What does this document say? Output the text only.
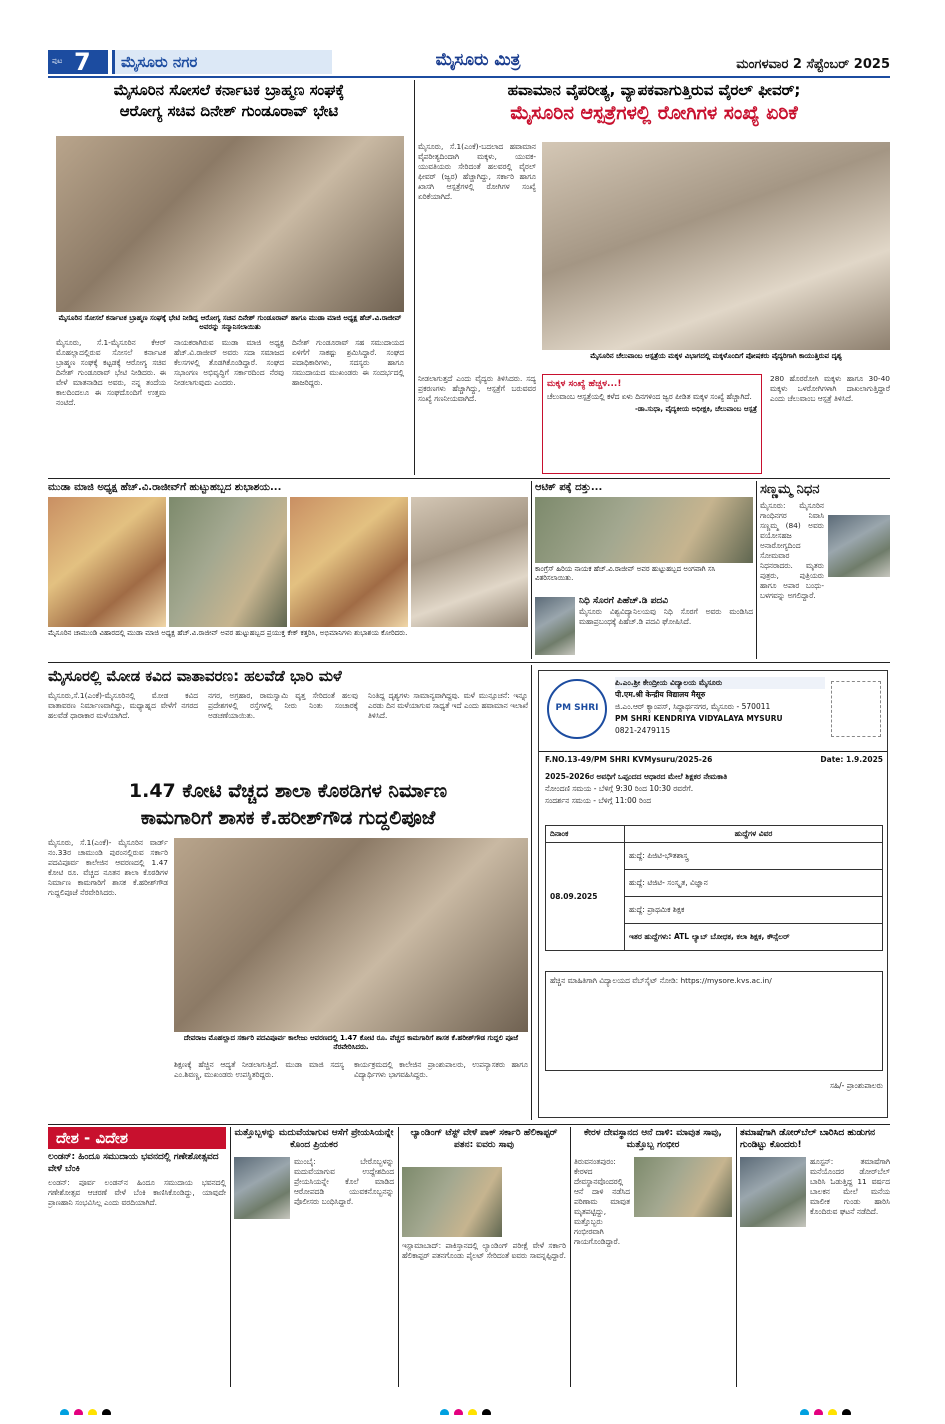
ಪುಟ 7 ಮೈಸೂರು ನಗರ	ಮೈಸೂರು ಮಿತ್ರ	ಮಂಗಳವಾರ 2 ಸೆಪ್ಟೆಂಬರ್ 2025
ಮೈಸೂರಿನ ಸೋಸಲೆ ಕರ್ನಾಟಕ ಬ್ರಾಹ್ಮಣ ಸಂಘಕ್ಕೆ
ಆರೋಗ್ಯ ಸಚಿವ ದಿನೇಶ್ ಗುಂಡೂರಾವ್ ಭೇಟಿ
ಮೈಸೂರಿನ ಸೋಸಲೆ ಕರ್ನಾಟಕ ಬ್ರಾಹ್ಮಣ ಸಂಘಕ್ಕೆ ಭೇಟಿ ನೀಡಿದ್ದ ಆರೋಗ್ಯ ಸಚಿವ ದಿನೇಶ್ ಗುಂಡೂರಾವ್ ಹಾಗೂ ಮುಡಾ ಮಾಜಿ ಅಧ್ಯಕ್ಷ ಹೆಚ್.ವಿ.ರಾಜೀವ್ ಅವರನ್ನು ಸನ್ಮಾನಿಸಲಾಯಿತು
ಮೈಸೂರು, ಸೆ.1-ಮೈಸೂರಿನ ಕೆಆರ್ ಮೊಹಲ್ಲಾದಲ್ಲಿರುವ ಸೋಸಲೆ ಕರ್ನಾಟಕ ಬ್ರಾಹ್ಮಣ ಸಂಘಕ್ಕೆ ಕಟ್ಟಡಕ್ಕೆ ಆರೋಗ್ಯ ಸಚಿವ ದಿನೇಶ್ ಗುಂಡೂರಾವ್ ಭೇಟಿ ನೀಡಿದರು. ಈ ವೇಳೆ ಮಾತನಾಡಿದ ಅವರು, ನನ್ನ ತಂದೆಯ ಕಾಲದಿಂದಲೂ ಈ ಸಂಘದೊಂದಿಗೆ ಉತ್ತಮ ನಂಟಿದೆ.
ನಾಯಕರಾಗಿರುವ ಮುಡಾ ಮಾಜಿ ಅಧ್ಯಕ್ಷ ಹೆಚ್.ವಿ.ರಾಜೀವ್ ಅವರು ಸದಾ ಸಮಾಜದ ಕೆಲಸಗಳಲ್ಲಿ ತೊಡಗಿಕೊಂಡಿದ್ದಾರೆ. ಸಂಘದ ಸಭಾಂಗಣ ಅಭಿವೃದ್ಧಿಗೆ ಸರ್ಕಾರದಿಂದ ನೆರವು ನೀಡಲಾಗುವುದು ಎಂದರು.
ದಿನೇಶ್ ಗುಂಡೂರಾವ್ ಸಹ ಸಮುದಾಯದ ಏಳಿಗೆಗೆ ಸಾಕಷ್ಟು ಶ್ರಮಿಸಿದ್ದಾರೆ. ಸಂಘದ ಪದಾಧಿಕಾರಿಗಳು, ಸದಸ್ಯರು ಹಾಗೂ ಸಮುದಾಯದ ಮುಖಂಡರು ಈ ಸಂದರ್ಭದಲ್ಲಿ ಹಾಜರಿದ್ದರು.
ಹವಾಮಾನ ವೈಪರೀತ್ಯ, ವ್ಯಾಪಕವಾಗುತ್ತಿರುವ ವೈರಲ್ ಫೀವರ್;
ಮೈಸೂರಿನ ಆಸ್ಪತ್ರೆಗಳಲ್ಲಿ ರೋಗಿಗಳ ಸಂಖ್ಯೆ ಏರಿಕೆ
ಮೈಸೂರು, ಸೆ.1(ಎಂಕೆ)-ಬದಲಾದ ಹವಾಮಾನ ವೈಪರೀತ್ಯದಿಂದಾಗಿ ಮಕ್ಕಳು, ಯುವಕ-ಯುವತಿಯರು ಸೇರಿದಂತೆ ಹಲವರಲ್ಲಿ ವೈರಲ್ ಫೀವರ್ (ಜ್ವರ) ಹೆಚ್ಚಾಗಿದ್ದು, ಸರ್ಕಾರಿ ಹಾಗೂ ಖಾಸಗಿ ಆಸ್ಪತ್ರೆಗಳಲ್ಲಿ ರೋಗಿಗಳ ಸಂಖ್ಯೆ ಏರಿಕೆಯಾಗಿದೆ.
ಮೈಸೂರಿನ ಚೆಲುವಾಂಬ ಆಸ್ಪತ್ರೆಯ ಮಕ್ಕಳ ವಿಭಾಗದಲ್ಲಿ ಮಕ್ಕಳೊಂದಿಗೆ ಪೋಷಕರು ವೈದ್ಯರಿಗಾಗಿ ಕಾಯುತ್ತಿರುವ ದೃಶ್ಯ
ನೀಡಲಾಗುತ್ತದೆ ಎಂದು ವೈದ್ಯರು ತಿಳಿಸಿದರು. ಸದ್ಯ ಪ್ರಕರಣಗಳು ಹೆಚ್ಚಾಗಿದ್ದು, ಆಸ್ಪತ್ರೆಗೆ ಬರುವವರ ಸಂಖ್ಯೆ ಗಣನೀಯವಾಗಿದೆ.
ಮಕ್ಕಳ ಸಂಖ್ಯೆ ಹೆಚ್ಚಳ...!
ಚೆಲುವಾಂಬ ಆಸ್ಪತ್ರೆಯಲ್ಲಿ ಕಳೆದ ಏಳು ದಿನಗಳಿಂದ ಜ್ವರ ಪೀಡಿತ ಮಕ್ಕಳ ಸಂಖ್ಯೆ ಹೆಚ್ಚಾಗಿದೆ.
-ಡಾ.ಸುಧಾ, ವೈದ್ಯಕೀಯ ಅಧೀಕ್ಷಕಿ, ಚೆಲುವಾಂಬ ಆಸ್ಪತ್ರೆ
280 ಹೊರರೋಗಿ ಮಕ್ಕಳು ಹಾಗೂ 30-40 ಮಕ್ಕಳು ಒಳರೋಗಿಗಳಾಗಿ ದಾಖಲಾಗುತ್ತಿದ್ದಾರೆ ಎಂದು ಚೆಲುವಾಂಬ ಆಸ್ಪತ್ರೆ ತಿಳಿಸಿದೆ.
ಮುಡಾ ಮಾಜಿ ಅಧ್ಯಕ್ಷ ಹೆಚ್.ವಿ.ರಾಜೀವ್‌ಗೆ ಹುಟ್ಟುಹಬ್ಬದ ಶುಭಾಶಯ...
ಮೈಸೂರಿನ ಚಾಮುಂಡಿ ವಿಹಾರದಲ್ಲಿ ಮುಡಾ ಮಾಜಿ ಅಧ್ಯಕ್ಷ ಹೆಚ್.ವಿ.ರಾಜೀವ್ ಅವರ ಹುಟ್ಟುಹಬ್ಬದ ಪ್ರಯುಕ್ತ ಕೇಕ್ ಕತ್ತರಿಸಿ, ಅಭಿಮಾನಿಗಳು ಶುಭಾಶಯ ಕೋರಿದರು.
ಆಟಿಕ್ ಪಕ್ಕೆ ದತ್ತು...
ಕಾಂಗ್ರೆಸ್ ಹಿರಿಯ ನಾಯಕ ಹೆಚ್.ವಿ.ರಾಜೀವ್ ಅವರ ಹುಟ್ಟುಹಬ್ಬದ ಅಂಗವಾಗಿ ಸಸಿ ವಿತರಿಸಲಾಯಿತು.
ನಿಧಿ ಸೊರಗೆ ಪಿಹೆಚ್.ಡಿ ಪದವಿ
ಮೈಸೂರು ವಿಶ್ವವಿದ್ಯಾನಿಲಯವು ನಿಧಿ ಸೊರಗೆ ಅವರು ಮಂಡಿಸಿದ ಮಹಾಪ್ರಬಂಧಕ್ಕೆ ಪಿಹೆಚ್.ಡಿ ಪದವಿ ಘೋಷಿಸಿದೆ.
ಸಣ್ಣಮ್ಮ ನಿಧನ
ಮೈಸೂರು: ಮೈಸೂರಿನ ಗಾಂಧಿನಗರ ನಿವಾಸಿ ಸಣ್ಣಮ್ಮ (84) ಅವರು ವಯೋಸಹಜ ಅನಾರೋಗ್ಯದಿಂದ ಸೋಮವಾರ ನಿಧನರಾದರು. ಮೃತರು ಪುತ್ರರು, ಪುತ್ರಿಯರು ಹಾಗೂ ಅಪಾರ ಬಂಧು-ಬಳಗವನ್ನು ಅಗಲಿದ್ದಾರೆ.
ಮೈಸೂರಲ್ಲಿ ಮೋಡ ಕವಿದ ವಾತಾವರಣ: ಹಲವೆಡೆ ಭಾರಿ ಮಳೆ
ಮೈಸೂರು,ಸೆ.1(ಎಂಕೆ)-ಮೈಸೂರಿನಲ್ಲಿ ಮೋಡ ಕವಿದ ವಾತಾವರಣ ನಿರ್ಮಾಣವಾಗಿದ್ದು, ಮಧ್ಯಾಹ್ನದ ವೇಳೆಗೆ ನಗರದ ಹಲವೆಡೆ ಧಾರಾಕಾರ ಮಳೆಯಾಗಿದೆ.
ನಗರ, ಅಗ್ರಹಾರ, ರಾಮಸ್ವಾಮಿ ವೃತ್ತ ಸೇರಿದಂತೆ ಹಲವು ಪ್ರದೇಶಗಳಲ್ಲಿ ರಸ್ತೆಗಳಲ್ಲಿ ನೀರು ನಿಂತು ಸಂಚಾರಕ್ಕೆ ಅಡಚಣೆಯಾಯಿತು.
ನಿಂತಿದ್ದ ದೃಶ್ಯಗಳು ಸಾಮಾನ್ಯವಾಗಿದ್ದವು. ಮಳೆ ಮುನ್ಸೂಚನೆ: ಇನ್ನೂ ಎರಡು ದಿನ ಮಳೆಯಾಗುವ ಸಾಧ್ಯತೆ ಇದೆ ಎಂದು ಹವಾಮಾನ ಇಲಾಖೆ ತಿಳಿಸಿದೆ.
1.47 ಕೋಟಿ ವೆಚ್ಚದ ಶಾಲಾ ಕೊಠಡಿಗಳ ನಿರ್ಮಾಣ
ಕಾಮಗಾರಿಗೆ ಶಾಸಕ ಕೆ.ಹರೀಶ್‌ಗೌಡ ಗುದ್ದಲಿಪೂಜೆ
ಮೈಸೂರು, ಸೆ.1(ಎಂಕೆ)- ಮೈಸೂರಿನ ವಾರ್ಡ್ ನಂ.33ರ ಚಾಮುಂಡಿ ಪುರಂನಲ್ಲಿರುವ ಸರ್ಕಾರಿ ಪದವಿಪೂರ್ವ ಕಾಲೇಜಿನ ಆವರಣದಲ್ಲಿ 1.47 ಕೋಟಿ ರೂ. ವೆಚ್ಚದ ನೂತನ ಶಾಲಾ ಕೊಠಡಿಗಳ ನಿರ್ಮಾಣ ಕಾಮಗಾರಿಗೆ ಶಾಸಕ ಕೆ.ಹರೀಶ್‌ಗೌಡ ಗುದ್ದಲಿಪೂಜೆ ನೆರವೇರಿಸಿದರು.
ದೇವರಾಜ ಮೊಹಲ್ಲಾದ ಸರ್ಕಾರಿ ಪದವಿಪೂರ್ವ ಕಾಲೇಜು ಆವರಣದಲ್ಲಿ 1.47 ಕೋಟಿ ರೂ. ವೆಚ್ಚದ ಕಾಮಗಾರಿಗೆ ಶಾಸಕ ಕೆ.ಹರೀಶ್‌ಗೌಡ ಗುದ್ದಲಿ ಪೂಜೆ ನೆರವೇರಿಸಿದರು.
ಶಿಕ್ಷಣಕ್ಕೆ ಹೆಚ್ಚಿನ ಆದ್ಯತೆ ನೀಡಲಾಗುತ್ತಿದೆ. ಮುಡಾ ಮಾಜಿ ಸದಸ್ಯ ಎಂ.ಶಿವಣ್ಣ, ಮುಖಂಡರು ಉಪಸ್ಥಿತರಿದ್ದರು.
ಕಾರ್ಯಕ್ರಮದಲ್ಲಿ ಕಾಲೇಜಿನ ಪ್ರಾಂಶುಪಾಲರು, ಉಪನ್ಯಾಸಕರು ಹಾಗೂ ವಿದ್ಯಾರ್ಥಿಗಳು ಭಾಗವಹಿಸಿದ್ದರು.
PM SHRI
ಪಿ.ಎಂ.ಶ್ರೀ ಕೇಂದ್ರೀಯ ವಿದ್ಯಾಲಯ ಮೈಸೂರು
पी.एम.श्री केन्द्रीय विद्यालय मैसूरु
ಜಿ.ಎಂ.ಆರ್ ಕ್ಯಾಂಪಸ್, ಸಿದ್ಧಾರ್ಥನಗರ, ಮೈಸೂರು - 570011
PM SHRI KENDRIYA VIDYALAYA MYSURU
0821-2479115
F.NO.13-49/PM SHRI KVMysuru/2025-26	Date: 1.9.2025
2025-2026ರ ಅವಧಿಗೆ ಒಪ್ಪಂದದ ಆಧಾರದ ಮೇಲೆ ಶಿಕ್ಷಕರ ನೇಮಕಾತಿ
ನೋಂದಣಿ ಸಮಯ - ಬೆಳಿಗ್ಗೆ 9:30 ರಿಂದ 10:30 ರವರೆಗೆ.
ಸಂದರ್ಶನ ಸಮಯ - ಬೆಳಿಗ್ಗೆ 11:00 ರಿಂದ
ದಿನಾಂಕ	ಹುದ್ದೆಗಳ ವಿವರ
08.09.2025	ಹುದ್ದೆ: ಪಿಜಿಟಿ-ಭೌತಶಾಸ್ತ್ರ
	ಹುದ್ದೆ: ಟಿಜಿಟಿ- ಸಂಸ್ಕೃತ, ವಿಜ್ಞಾನ
	ಹುದ್ದೆ: ಪ್ರಾಥಮಿಕ ಶಿಕ್ಷಕ
	ಇತರ ಹುದ್ದೆಗಳು: ATL ಲ್ಯಾಬ್ ಬೋಧಕ, ಕಲಾ ಶಿಕ್ಷಕ, ಕೌನ್ಸೆಲರ್
ಹೆಚ್ಚಿನ ಮಾಹಿತಿಗಾಗಿ ವಿದ್ಯಾಲಯದ ವೆಬ್‌ಸೈಟ್ ನೋಡಿ: https://mysore.kvs.ac.in/
ಸಹಿ/- ಪ್ರಾಂಶುಪಾಲರು
ದೇಶ - ವಿದೇಶ
ಲಂಡನ್: ಹಿಂದೂ ಸಮುದಾಯ ಭವನದಲ್ಲಿ ಗಣೇಶೋತ್ಸವದ ವೇಳೆ ಬೆಂಕಿ
ಲಂಡನ್: ಪೂರ್ವ ಲಂಡನ್‌ನ ಹಿಂದೂ ಸಮುದಾಯ ಭವನದಲ್ಲಿ ಗಣೇಶೋತ್ಸವ ಆಚರಣೆ ವೇಳೆ ಬೆಂಕಿ ಕಾಣಿಸಿಕೊಂಡಿದ್ದು, ಯಾವುದೇ ಪ್ರಾಣಹಾನಿ ಸಂಭವಿಸಿಲ್ಲ ಎಂದು ವರದಿಯಾಗಿದೆ.
ಮತ್ತೊಬ್ಬಳನ್ನು ಮದುವೆಯಾಗುವ ಆಸೆಗೆ ಪ್ರೇಯಸಿಯನ್ನೇ ಕೊಂದ ಪ್ರಿಯಕರ
ಮುಂಬೈ: ಬೇರೊಬ್ಬಳನ್ನು ಮದುವೆಯಾಗುವ ಉದ್ದೇಶದಿಂದ ಪ್ರೇಯಸಿಯನ್ನೇ ಕೊಲೆ ಮಾಡಿದ ಆರೋಪದಡಿ ಯುವಕನೊಬ್ಬನನ್ನು ಪೊಲೀಸರು ಬಂಧಿಸಿದ್ದಾರೆ.
ಲ್ಯಾಂಡಿಂಗ್ ಟೆಸ್ಟ್ ವೇಳೆ ಪಾಕ್ ಸರ್ಕಾರಿ ಹೆಲಿಕಾಪ್ಟರ್ ಪತನ: ಐವರು ಸಾವು
ಇಸ್ಲಾಮಾಬಾದ್: ಪಾಕಿಸ್ತಾನದಲ್ಲಿ ಲ್ಯಾಂಡಿಂಗ್ ಪರೀಕ್ಷೆ ವೇಳೆ ಸರ್ಕಾರಿ ಹೆಲಿಕಾಪ್ಟರ್ ಪತನಗೊಂಡು ಪೈಲಟ್ ಸೇರಿದಂತೆ ಐವರು ಸಾವನ್ನಪ್ಪಿದ್ದಾರೆ.
ಕೇರಳ ದೇವಸ್ಥಾನದ ಆನೆ ದಾಳಿ: ಮಾವುತ ಸಾವು, ಮತ್ತೊಬ್ಬ ಗಂಭೀರ
ತಿರುವನಂತಪುರಂ: ಕೇರಳದ ದೇವಸ್ಥಾನವೊಂದರಲ್ಲಿ ಆನೆ ದಾಳಿ ನಡೆಸಿದ ಪರಿಣಾಮ ಮಾವುತ ಮೃತಪಟ್ಟಿದ್ದು, ಮತ್ತೊಬ್ಬರು ಗಂಭೀರವಾಗಿ ಗಾಯಗೊಂಡಿದ್ದಾರೆ.
ತಮಾಷೆಗಾಗಿ ಡೋರ್‌ಬೆಲ್ ಬಾರಿಸಿದ ಹುಡುಗನ ಗುಂಡಿಟ್ಟು ಕೊಂದರು!
ಹೂಸ್ಟನ್: ತಮಾಷೆಗಾಗಿ ಮನೆಯೊಂದರ ಡೋರ್‌ಬೆಲ್ ಬಾರಿಸಿ ಓಡುತ್ತಿದ್ದ 11 ವರ್ಷದ ಬಾಲಕನ ಮೇಲೆ ಮನೆಯ ಮಾಲೀಕ ಗುಂಡು ಹಾರಿಸಿ ಕೊಂದಿರುವ ಘಟನೆ ನಡೆದಿದೆ.
